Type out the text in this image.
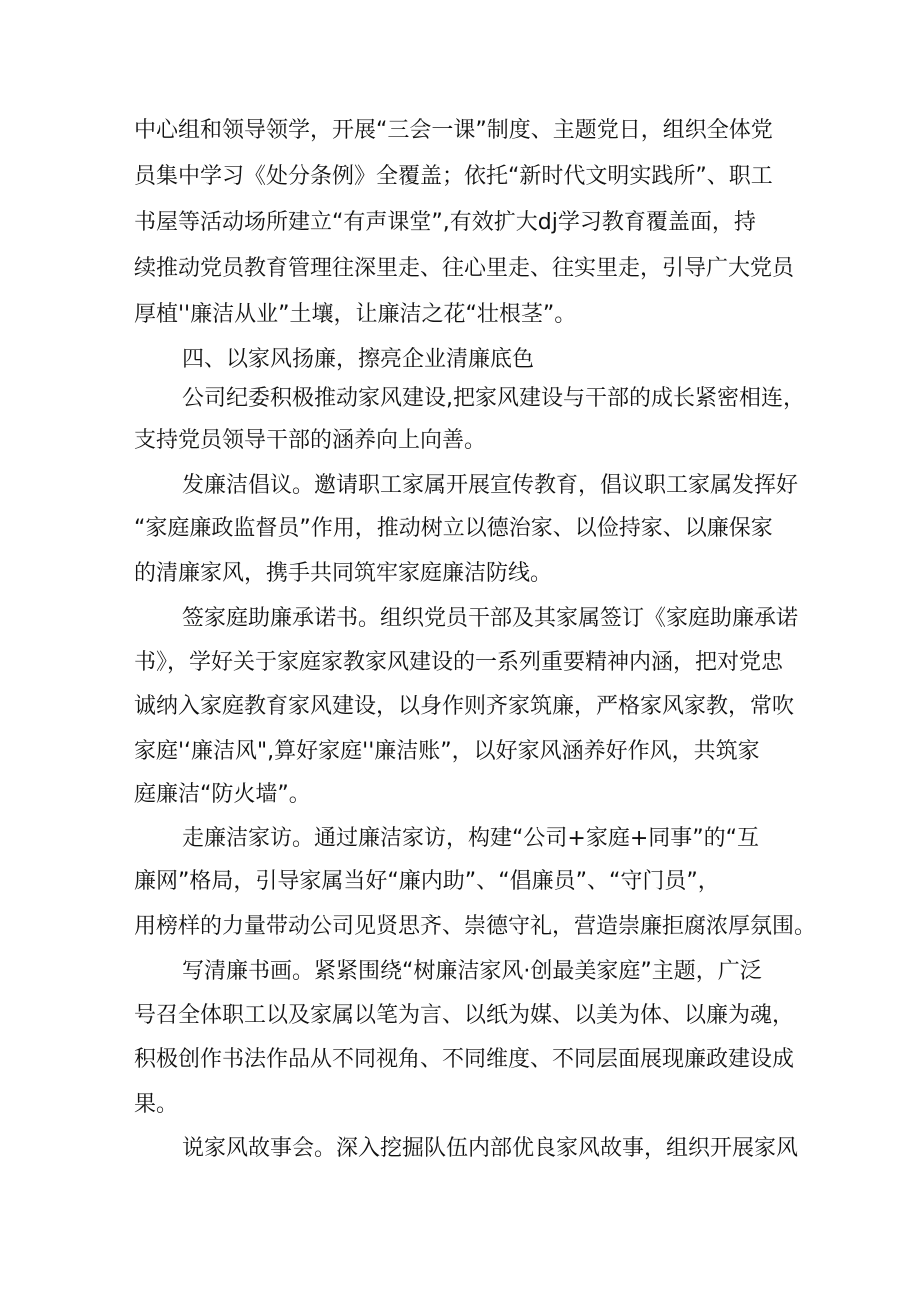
中心组和领导领学，开展“三会一课”制度、主题党日，组织全体党
员集中学习《处分条例》全覆盖；依托“新时代文明实践所”、职工
书屋等活动场所建立“有声课堂”,有效扩大dj学习教育覆盖面，持
续推动党员教育管理往深里走、往心里走、往实里走，引导广大党员
厚植''廉洁从业”土壤，让廉洁之花“壮根茎”。
四、以家风扬廉，擦亮企业清廉底色
公司纪委积极推动家风建设,把家风建设与干部的成长紧密相连，
支持党员领导干部的涵养向上向善。
发廉洁倡议。邀请职工家属开展宣传教育，倡议职工家属发挥好
“家庭廉政监督员”作用，推动树立以德治家、以俭持家、以廉保家
的清廉家风，携手共同筑牢家庭廉洁防线。
签家庭助廉承诺书。组织党员干部及其家属签订《家庭助廉承诺
书》，学好关于家庭家教家风建设的一系列重要精神内涵，把对党忠
诚纳入家庭教育家风建设，以身作则齐家筑廉，严格家风家教，常吹
家庭'‘廉洁风",算好家庭''廉洁账”，以好家风涵养好作风，共筑家
庭廉洁“防火墙”。
走廉洁家访。通过廉洁家访，构建“公司+家庭+同事”的“互
廉网”格局，引导家属当好“廉内助”、“倡廉员”、“守门员”，
用榜样的力量带动公司见贤思齐、崇德守礼，营造崇廉拒腐浓厚氛围。
写清廉书画。紧紧围绕“树廉洁家风·创最美家庭”主题，广泛
号召全体职工以及家属以笔为言、以纸为媒、以美为体、以廉为魂，
积极创作书法作品从不同视角、不同维度、不同层面展现廉政建设成
果。
说家风故事会。深入挖掘队伍内部优良家风故事，组织开展家风
